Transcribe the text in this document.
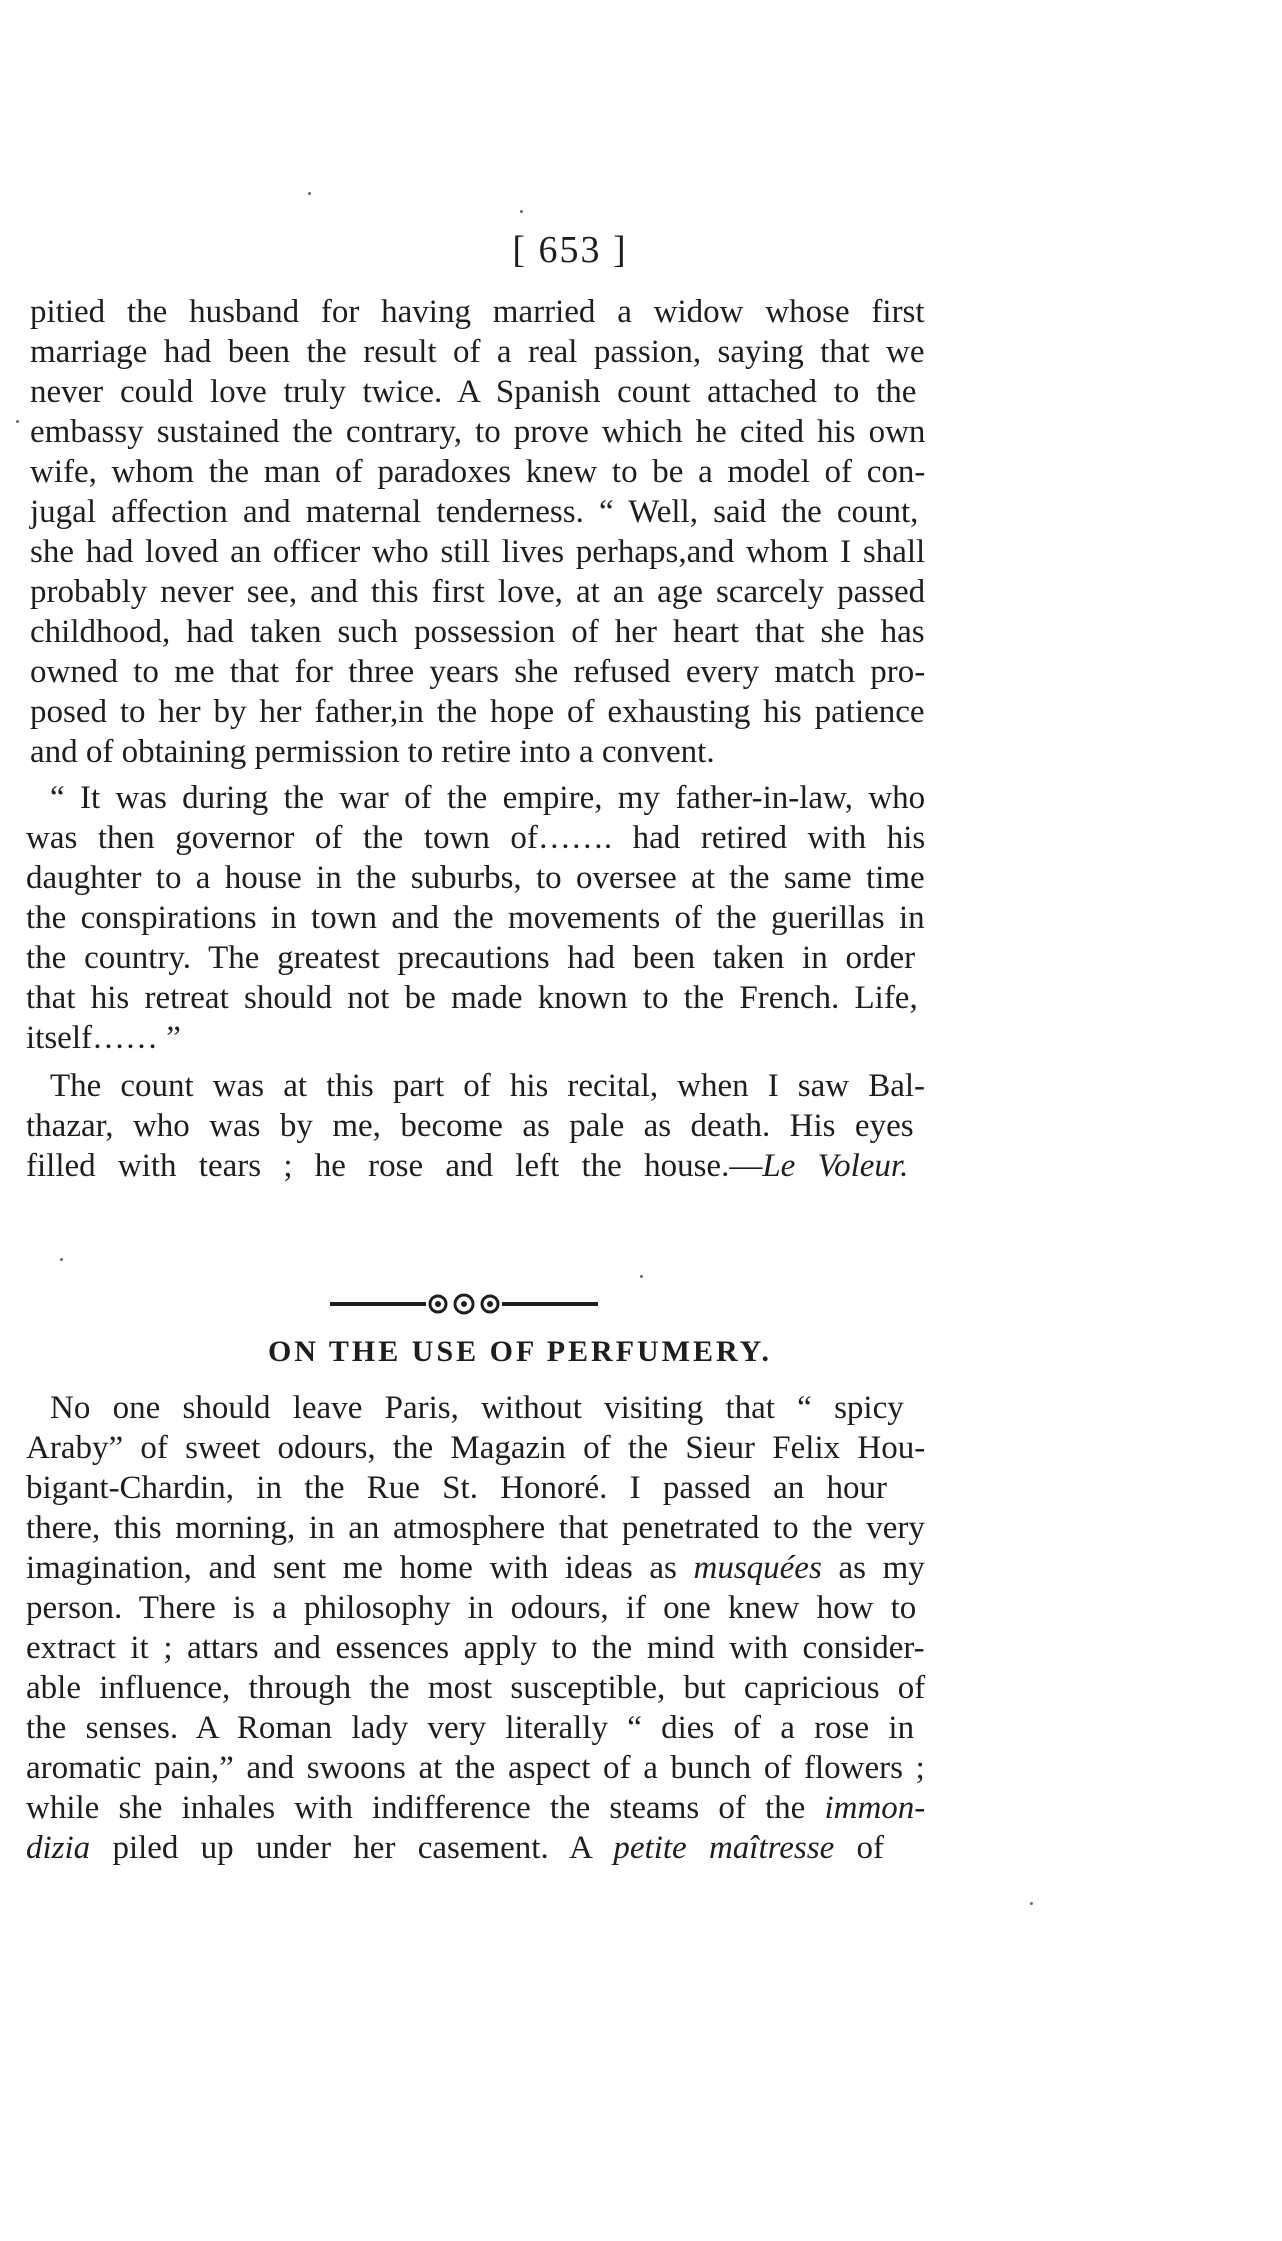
[ 653 ]
pitied the husband for having married a widow whose first
marriage had been the result of a real passion, saying that we
never could love truly twice. A Spanish count attached to the
embassy sustained the contrary, to prove which he cited his own
wife, whom the man of paradoxes knew to be a model of con-
jugal affection and maternal tenderness. “ Well, said the count,
she had loved an officer who still lives perhaps,and whom I shall
probably never see, and this first love, at an age scarcely passed
childhood, had taken such possession of her heart that she has
owned to me that for three years she refused every match pro-
posed to her by her father,in the hope of exhausting his patience
and of obtaining permission to retire into a convent.
“ It was during the war of the empire, my father-in-law, who
was then governor of the town of……. had retired with his
daughter to a house in the suburbs, to oversee at the same time
the conspirations in town and the movements of the guerillas in
the country. The greatest precautions had been taken in order
that his retreat should not be made known to the French. Life,
itself…… ”
The count was at this part of his recital, when I saw Bal-
thazar, who was by me, become as pale as death. His eyes
filled with tears ; he rose and left the house.—Le Voleur.
ON THE USE OF PERFUMERY.
No one should leave Paris, without visiting that “ spicy
Araby” of sweet odours, the Magazin of the Sieur Felix Hou-
bigant-Chardin, in the Rue St. Honoré. I passed an hour
there, this morning, in an atmosphere that penetrated to the very
imagination, and sent me home with ideas as musquées as my
person. There is a philosophy in odours, if one knew how to
extract it ; attars and essences apply to the mind with consider-
able influence, through the most susceptible, but capricious of
the senses. A Roman lady very literally “ dies of a rose in
aromatic pain,” and swoons at the aspect of a bunch of flowers ;
while she inhales with indifference the steams of the immon-
dizia piled up under her casement. A petite maîtresse of
